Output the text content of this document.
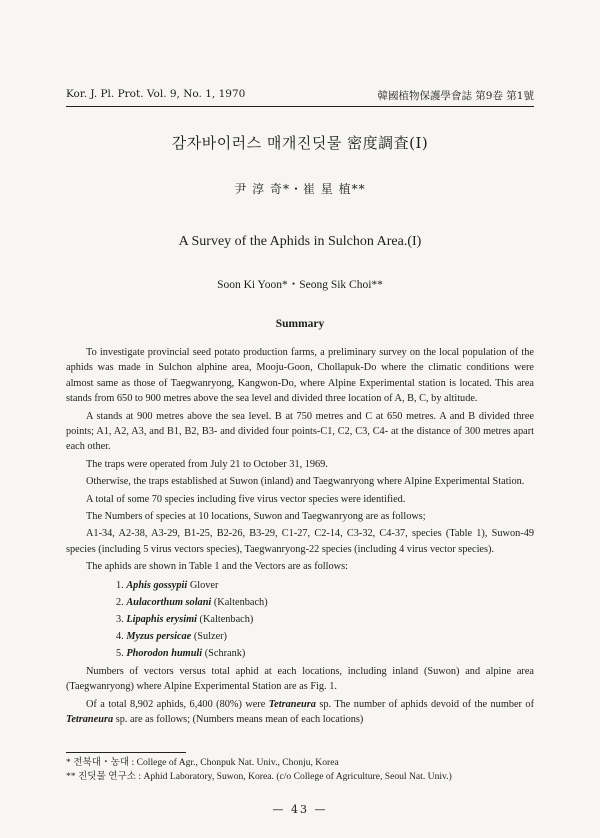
Kor. J. Pl. Prot. Vol. 9, No. 1, 1970	韓國植物保護學會誌 第9卷 第1號
감자바이러스 매개진딧물 密度調査(I)
尹 淳 奇*・崔 星 植**
A Survey of the Aphids in Sulchon Area.(I)
Soon Ki Yoon*・Seong Sik Choi**
Summary

To investigate provincial seed potato production farms, a preliminary survey on the local population of the aphids was made in Sulchon alphine area, Mooju-Goon, Chollapuk-Do where the climatic conditions were almost same as those of Taegwanryong, Kangwon-Do, where Alpine Experimental station is located. This area stands from 650 to 900 metres above the sea level and divided three location of A, B, C, by altitude.

A stands at 900 metres above the sea level. B at 750 metres and C at 650 metres. A and B divided three points; A1, A2, A3, and B1, B2, B3- and divided four points-C1, C2, C3, C4- at the distance of 300 metres apart each other.

The traps were operated from July 21 to October 31, 1969.

Otherwise, the traps established at Suwon (inland) and Taegwanryong where Alpine Experimental Station.

A total of some 70 species including five virus vector species were identified.

The Numbers of species at 10 locations, Suwon and Taegwanryong are as follows;

A1-34, A2-38, A3-29, B1-25, B2-26, B3-29, C1-27, C2-14, C3-32, C4-37, species (Table 1), Suwon-49 species (including 5 virus vectors species), Taegwanryong-22 species (including 4 virus vector species).

The aphids are shown in Table 1 and the Vectors are as follows:

1. Aphis gossypii Glover
2. Aulacorthum solani (Kaltenbach)
3. Lipaphis erysimi (Kaltenbach)
4. Myzus persicae (Sulzer)
5. Phorodon humuli (Schrank)

Numbers of vectors versus total aphid at each locations, including inland (Suwon) and alpine area (Taegwanryong) where Alpine Experimental Station are as Fig. 1.

Of a total 8,902 aphids, 6,400 (80%) were Tetraneura sp. The number of aphids devoid of the number of Tetraneura sp. are as follows; (Numbers means mean of each locations)

* 전북대・농대 : College of Agr., Chonpuk Nat. Univ., Chonju, Korea
** 진딧물 연구소 : Aphid Laboratory, Suwon, Korea. (c/o College of Agriculture, Seoul Nat. Univ.)
— 43 —
